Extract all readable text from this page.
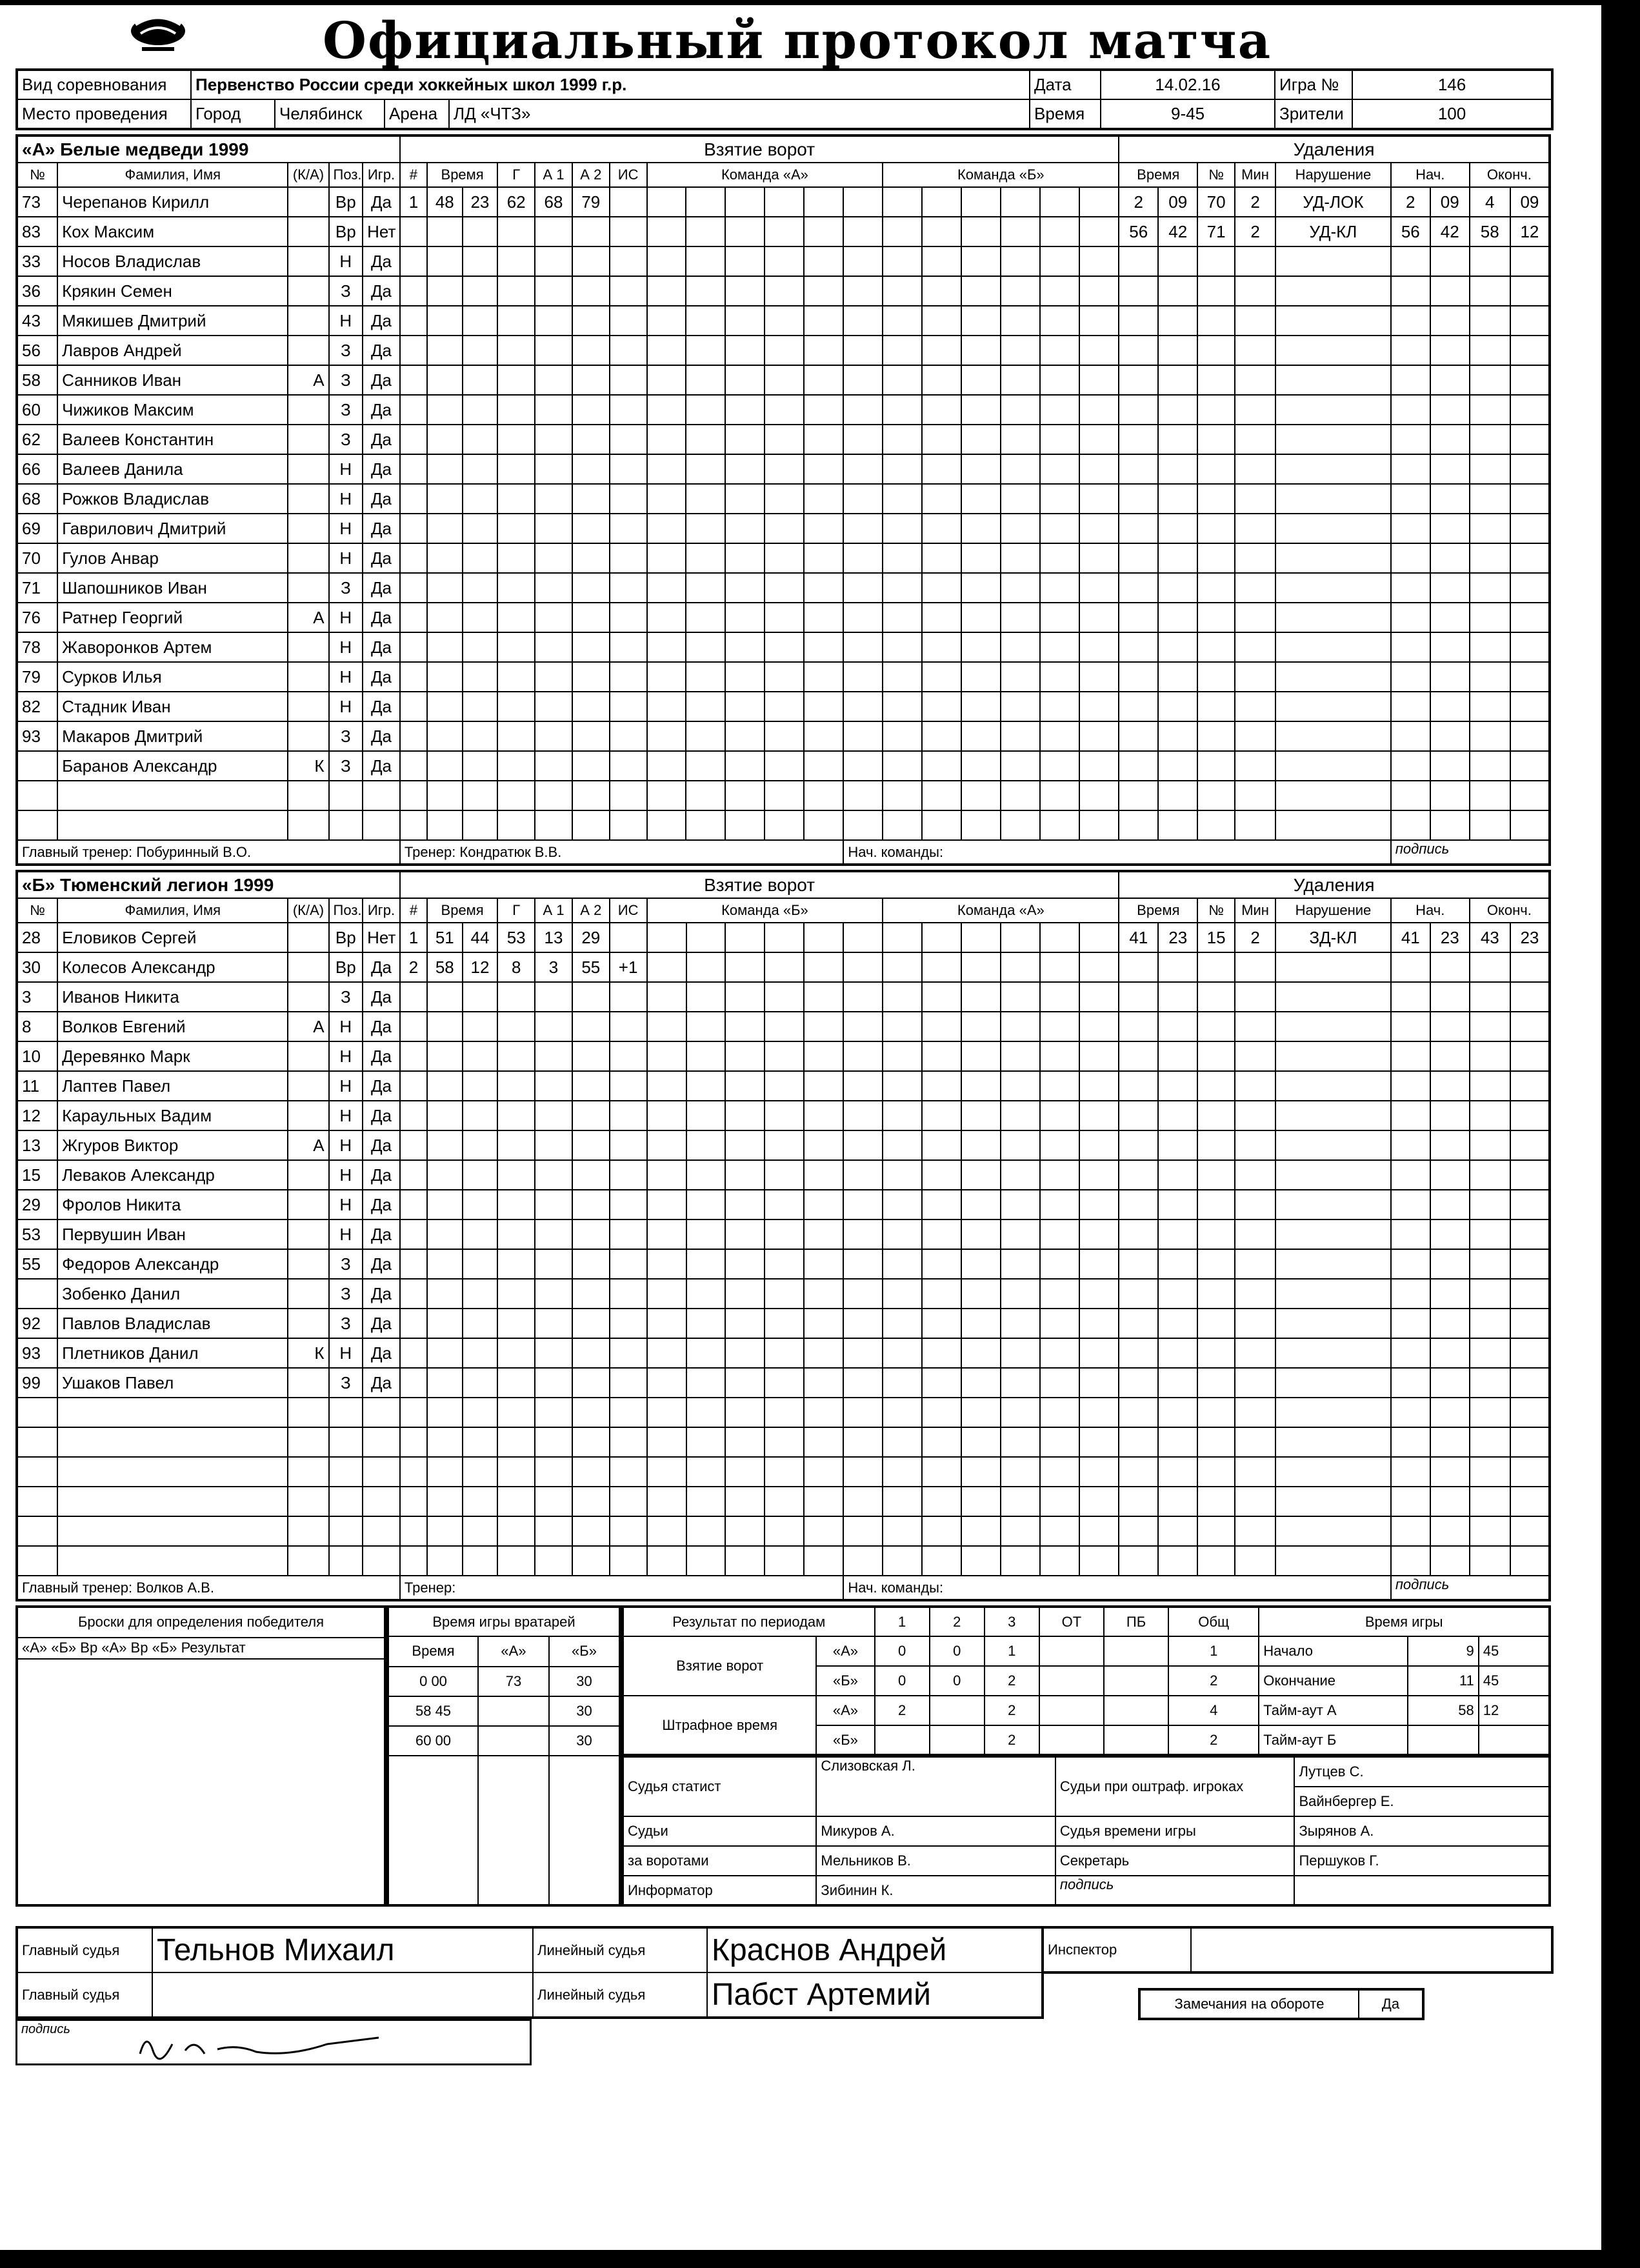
Официальный протокол матча
Вид соревнования	Первенство России среди хоккейных школ 1999 г.р.				Дата	14.02.16	Игра №	146
Место проведения	Город	Челябинск	Арена	ЛД «ЧТЗ»	Время	9-45	Зрители	100
«А» Белые медведи 1999					Взятие ворот																			Удаления								
№	Фамилия, Имя	(К/А)	Поз.	Игр.	#	Время		Г	А 1	А 2	ИС	Команда «А»						Команда «Б»						Время		№	Мин	Нарушение	Нач.		Оконч.	
73	Черепанов Кирилл		Вр	Да	1	48	23	62	68	79														2	09	70	2	УД-ЛОК	2	09	4	09
83	Кох Максим		Вр	Нет																				56	42	71	2	УД-КЛ	56	42	58	12
33	Носов Владислав		Н	Да																												
36	Крякин Семен		З	Да																												
43	Мякишев Дмитрий		Н	Да																												
56	Лавров Андрей		З	Да																												
58	Санников Иван	А	З	Да																												
60	Чижиков Максим		З	Да																												
62	Валеев Константин		З	Да																												
66	Валеев Данила		Н	Да																												
68	Рожков Владислав		Н	Да																												
69	Гаврилович Дмитрий		Н	Да																												
70	Гулов Анвар		Н	Да																												
71	Шапошников Иван		З	Да																												
76	Ратнер Георгий	А	Н	Да																												
78	Жаворонков Артем		Н	Да																												
79	Сурков Илья		Н	Да																												
82	Стадник Иван		Н	Да																												
93	Макаров Дмитрий		З	Да																												
	Баранов Александр	К	З	Да																												

Главный тренер: Побуринный В.О.					Тренер: Кондратюк В.В.												Нач. команды:												подпись			
«Б» Тюменский легион 1999					Взятие ворот																			Удаления								
№	Фамилия, Имя	(К/А)	Поз.	Игр.	#	Время		Г	А 1	А 2	ИС	Команда «Б»						Команда «А»						Время		№	Мин	Нарушение	Нач.		Оконч.	
28	Еловиков Сергей		Вр	Нет	1	51	44	53	13	29														41	23	15	2	ЗД-КЛ	41	23	43	23
30	Колесов Александр		Вр	Да	2	58	12	8	3	55	+1																					
3	Иванов Никита		З	Да																												
8	Волков Евгений	А	Н	Да																												
10	Деревянко Марк		Н	Да																												
11	Лаптев Павел		Н	Да																												
12	Караульных Вадим		Н	Да																												
13	Жгуров Виктор	А	Н	Да																												
15	Леваков Александр		Н	Да																												
29	Фролов Никита		Н	Да																												
53	Первушин Иван		Н	Да																												
55	Федоров Александр		З	Да																												
	Зобенко Данил		З	Да																												
92	Павлов Владислав		З	Да																												
93	Плетников Данил	К	Н	Да																												
99	Ушаков Павел		З	Да																												

Главный тренер: Волков А.В.					Тренер:												Нач. команды:												подпись			
Броски для определения победителя
«А» «Б» Вр «А» Вр «Б» Результат

Время игры вратарей		
Время	«А»	«Б»
0 00	73	30
58 45		30
60 00		30

Результат по периодам		1	2	3	ОТ	ПБ	Общ	Время игры		
Взятие ворот	«А»	0	0	1			1	Начало	9	45
	«Б»	0	0	2			2	Окончание	11	45
Штрафное время	«А»	2		2			4	Тайм-аут А	58	12
	«Б»			2			2	Тайм-аут Б		
Судья статист	Слизовская Л.	Судьи при оштраф. игроках	Лутцев С.
			Вайнбергер Е.
Судьи	Микуров А.	Судья времени игры	Зырянов А.
за воротами	Мельников В.	Секретарь	Першуков Г.
Информатор	Зибинин К.	подпись	
Главный судья	Тельнов Михаил	Линейный судья	Краснов Андрей
Главный судья		Линейный судья	Пабст Артемий
подпись
Инспектор	
Замечания на обороте	Да
